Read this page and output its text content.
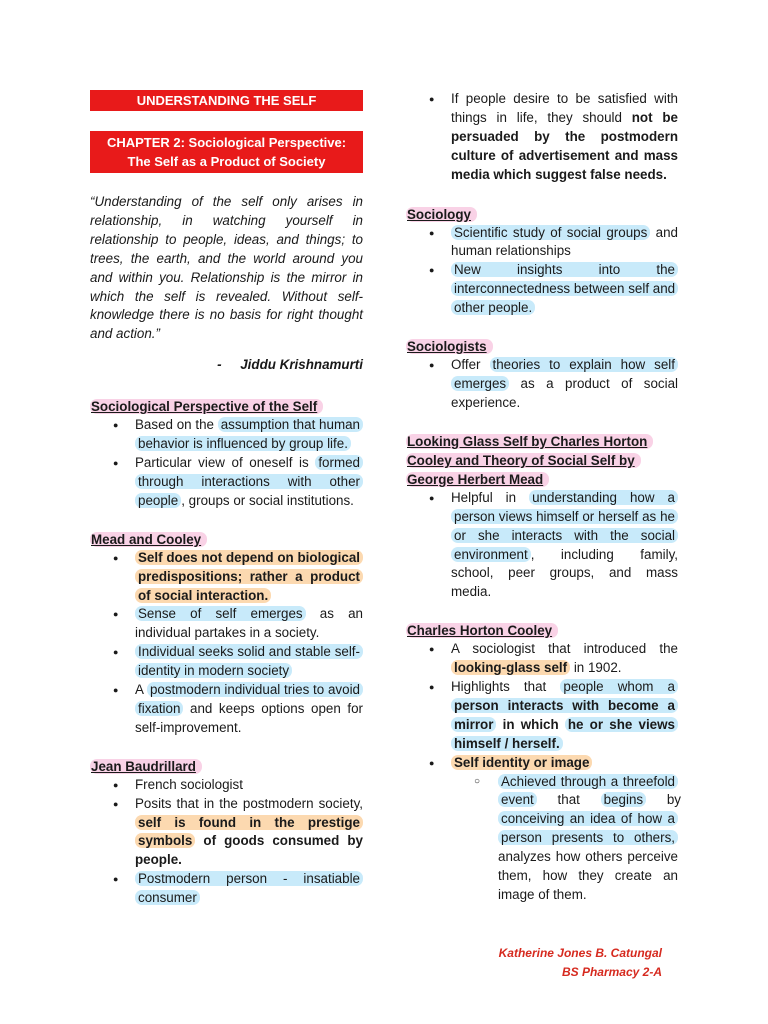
UNDERSTANDING THE SELF
CHAPTER 2: Sociological Perspective:
The Self as a Product of Society
“Understanding of the self only arises in relationship, in watching yourself in relationship to people, ideas, and things; to trees, the earth, and the world around you and within you. Relationship is the mirror in which the self is revealed. Without self-knowledge there is no basis for right thought and action.”
-     Jiddu Krishnamurti
Sociological Perspective of the Self
● Based on the assumption that human behavior is influenced by group life.
● Particular view of oneself is formed through interactions with other people , groups or social institutions.
Mead and Cooley
● Self does not depend on biological predispositions; rather a product of social interaction.
● Sense of self emerges as an individual partakes in a society.
● Individual seeks solid and stable self-identity in modern society
● A postmodern individual tries to avoid fixation and keeps options open for self-improvement.
Jean Baudrillard
● French sociologist
● Posits that in the postmodern society, self is found in the prestige symbols of goods consumed by people.
● Postmodern person - insatiable consumer
● If people desire to be satisfied with things in life, they should not be persuaded by the postmodern culture of advertisement and mass media which suggest false needs.
Sociology
● Scientific study of social groups and human relationships
● New insights into the interconnectedness between self and other people.
Sociologists
● Offer theories to explain how self emerges as a product of social experience.
Looking Glass Self by Charles Horton
Cooley and Theory of Social Self by
George Herbert Mead
● Helpful in understanding how a person views himself or herself as he or she interacts with the social environment , including family, school, peer groups, and mass media.
Charles Horton Cooley
● A sociologist that introduced the looking-glass self in 1902.
● Highlights that people whom a person interacts with become a mirror in which he or she views himself / herself.
● Self identity or image
○ Achieved through a threefold event that begins by conceiving an idea of how a person presents to others, analyzes how others perceive them, how they create an image of them.
Katherine Jones B. Catungal
BS Pharmacy 2-A
